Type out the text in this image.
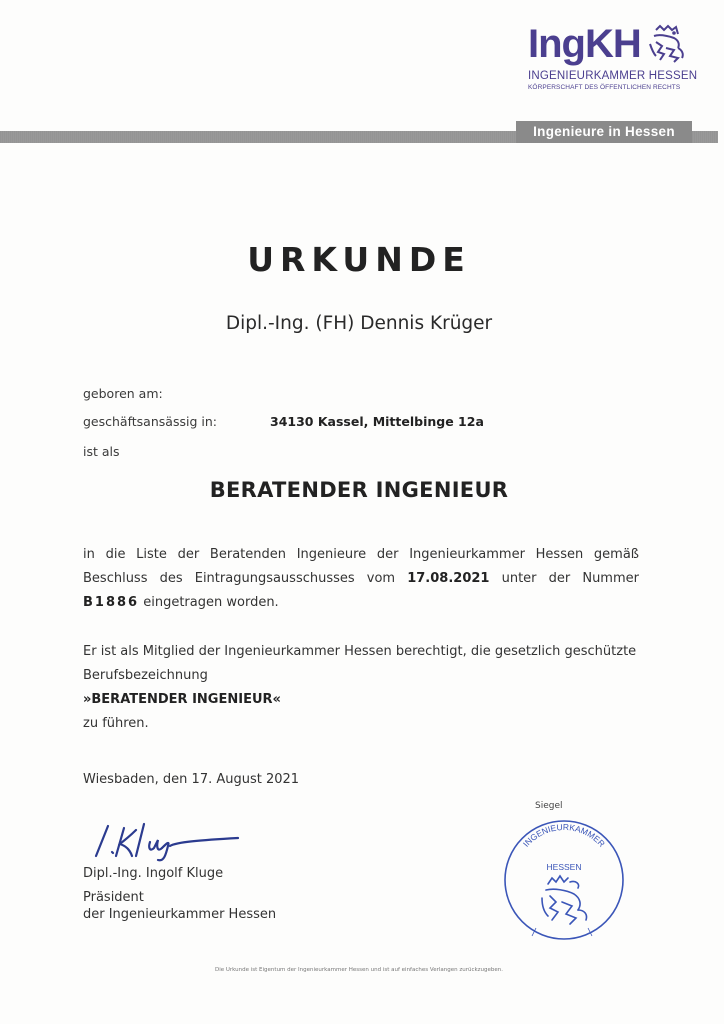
IngKH
INGENIEURKAMMER HESSEN
KÖRPERSCHAFT DES ÖFFENTLICHEN RECHTS
Ingenieure in Hessen
URKUNDE
Dipl.-Ing. (FH) Dennis Krüger
geboren am:
geschäftsansässig in:	34130 Kassel, Mittelbinge 12a
ist als
BERATENDER INGENIEUR
in die Liste der Beratenden Ingenieure der Ingenieurkammer Hessen gemäß
Beschluss des Eintragungsausschusses vom 17.08.2021 unter der Nummer
B1886 eingetragen worden.
Er ist als Mitglied der Ingenieurkammer Hessen berechtigt, die gesetzlich geschützte
Berufsbezeichnung
»BERATENDER INGENIEUR«
zu führen.
Wiesbaden, den 17. August 2021
Dipl.-Ing. Ingolf Kluge
Präsident
der Ingenieurkammer Hessen
Siegel
INGENIEURKAMMER
HESSEN
Die Urkunde ist Eigentum der Ingenieurkammer Hessen und ist auf einfaches Verlangen zurückzugeben.
